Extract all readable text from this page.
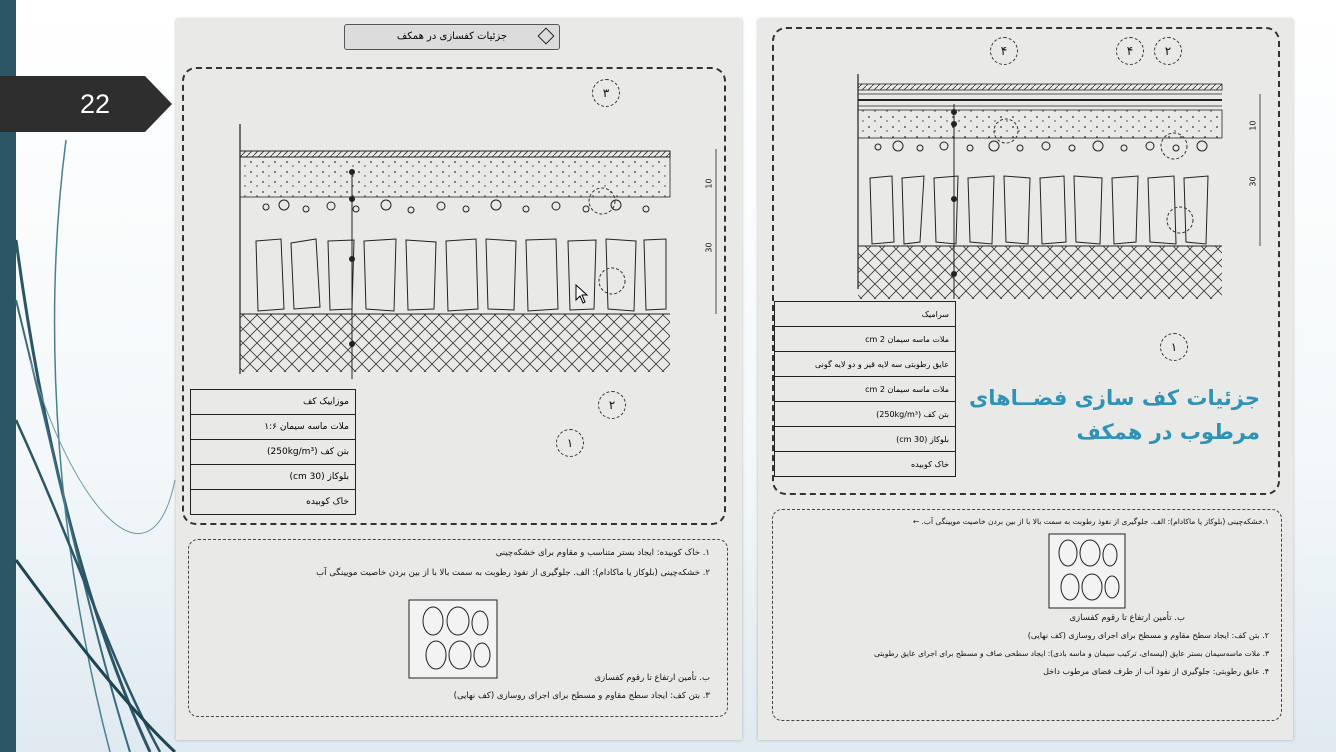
22
جزئیات کفسازی در همکف
10
30
۳
۲
۱
موزاییک کف
ملات ماسه سیمان ۱:۶
بتن کف (250kg/m³)
بلوکاز (30 cm)
خاک کوبیده
۱. خاک کوبیده: ایجاد بستر متناسب و مقاوم برای خشکه‌چینی
۲. خشکه‌چینی (بلوکاز یا ماکادام): الف. جلوگیری از نفوذ رطوبت به سمت بالا با از بین بردن خاصیت مویینگی آب
ب. تأمین ارتفاع تا رقوم کفسازی
۳. بتن کف: ایجاد سطح مقاوم و مسطح برای اجرای روسازی (کف نهایی)
10
30
۴	۴	۲
۱
سرامیک
ملات ماسه سیمان 2 cm
عایق رطوبتی سه لایه قیر و دو لایه گونی
ملات ماسه سیمان 2 cm
بتن کف (250kg/m³)
بلوکاز (30 cm)
خاک کوبیده
جزئیات کف سازی فضــاهای
مرطوب در همکف
۱.خشکه‌چینی (بلوکاز یا ماکادام): الف. جلوگیری از نفوذ رطوبت به سمت بالا با از بین بردن خاصیت مویینگی آب. ←
ب. تأمین ارتفاع تا رقوم کفسازی
۲. بتن کف: ایجاد سطح مقاوم و مسطح برای اجرای روسازی (کف نهایی)
۳. ملات ماسه‌سیمان بستر عایق (لیسه‌ای، ترکیب سیمان و ماسه بادی): ایجاد سطحی صاف و مسطح برای اجرای عایق رطوبتی
۴. عایق رطوبتی: جلوگیری از نفوذ آب از طرف فضای مرطوب داخل
